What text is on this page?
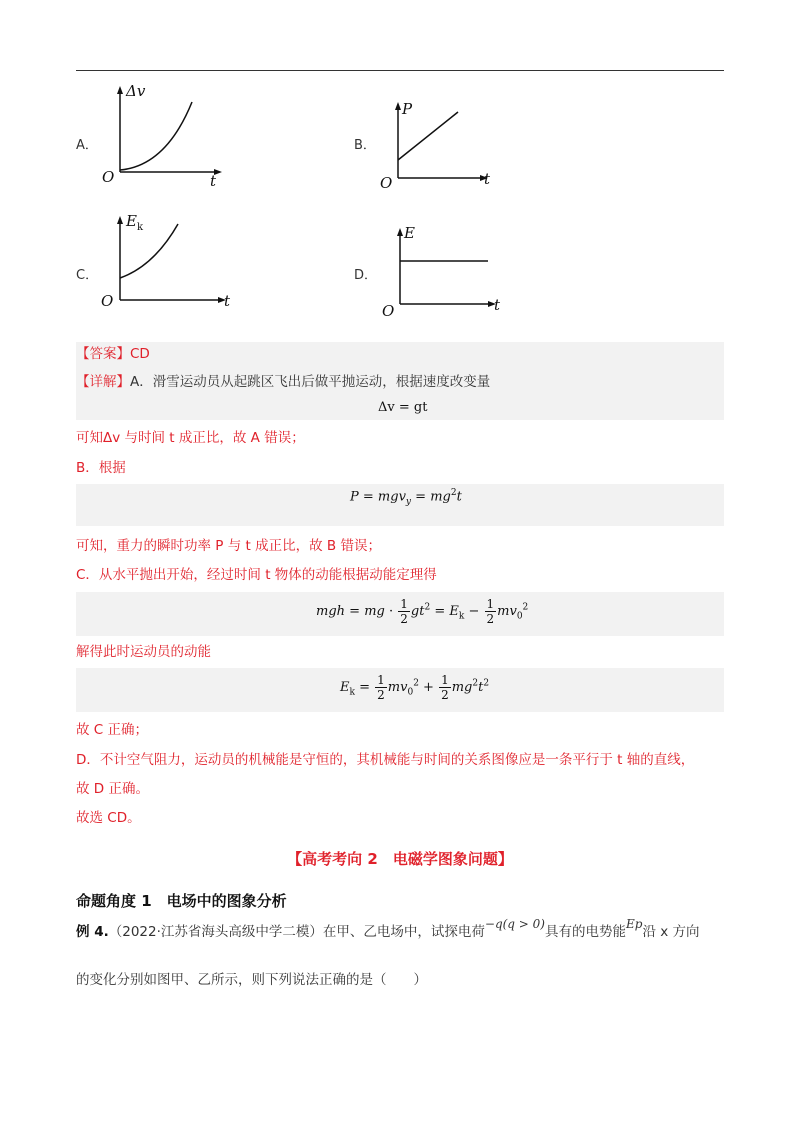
A．
Δv
O	t
B．
P
O	t
C．
E k
O	t
D．
E
O	t
【答案】CD
【详解】A．滑雪运动员从起跳区飞出后做平抛运动，根据速度改变量
Δv = gt
可知Δv 与时间 t 成正比，故 A 错误；
B．根据
$P = mgv_y = mg^2t$
可知，重力的瞬时功率 P 与 t 成正比，故 B 错误；
C．从水平抛出开始，经过时间 t 物体的动能根据动能定理得
mgh = mg · $\frac{1}{2} gt^2 = E_k - \frac{1}{2} mv_0^2$
解得此时运动员的动能
$E_k = \frac{1}{2} mv_0^2 + \frac{1}{2} mg^2t^2$
故 C 正确；
D．不计空气阻力，运动员的机械能是守恒的，其机械能与时间的关系图像应是一条平行于 t 轴的直线，
故 D 正确。
故选 CD。
【高考考向 2　电磁学图象问题】
命题角度 1　电场中的图象分析
例 4.（2022·江苏省海头高级中学二模）在甲、乙电场中，试探电荷−q(q > 0)具有的电势能Ep沿 x 方向
的变化分别如图甲、乙所示，则下列说法正确的是（　　）
